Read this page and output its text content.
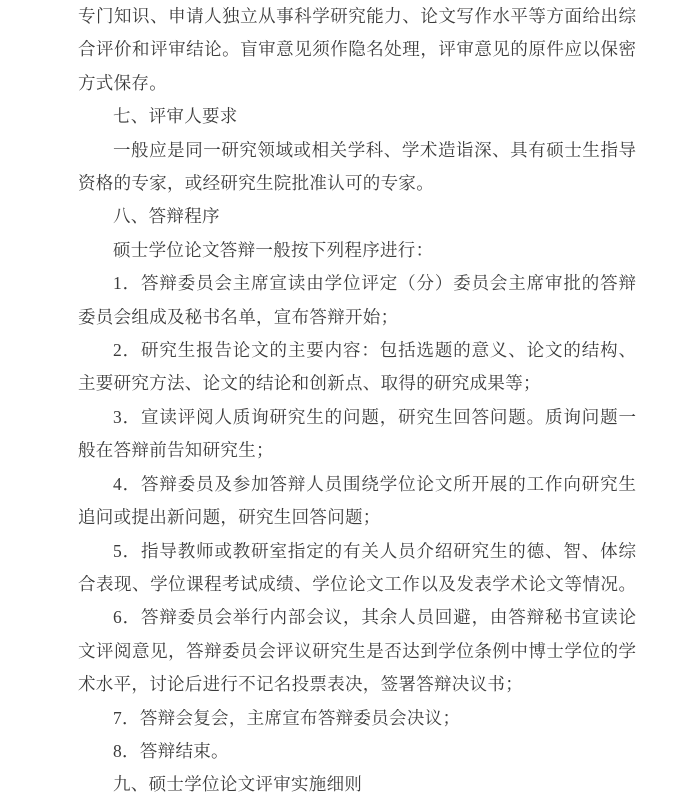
专门知识、申请人独立从事科学研究能力、论文写作水平等方面给出综
合评价和评审结论。盲审意见须作隐名处理，评审意见的原件应以保密
方式保存。
七、评审人要求
一般应是同一研究领域或相关学科、学术造诣深、具有硕士生指导
资格的专家，或经研究生院批准认可的专家。
八、答辩程序
硕士学位论文答辩一般按下列程序进行：
1．答辩委员会主席宣读由学位评定（分）委员会主席审批的答辩
委员会组成及秘书名单，宣布答辩开始；
2．研究生报告论文的主要内容：包括选题的意义、论文的结构、
主要研究方法、论文的结论和创新点、取得的研究成果等；
3．宣读评阅人质询研究生的问题，研究生回答问题。质询问题一
般在答辩前告知研究生；
4．答辩委员及参加答辩人员围绕学位论文所开展的工作向研究生
追问或提出新问题，研究生回答问题；
5．指导教师或教研室指定的有关人员介绍研究生的德、智、体综
合表现、学位课程考试成绩、学位论文工作以及发表学术论文等情况。
6．答辩委员会举行内部会议，其余人员回避，由答辩秘书宣读论
文评阅意见，答辩委员会评议研究生是否达到学位条例中博士学位的学
术水平，讨论后进行不记名投票表决，签署答辩决议书；
7．答辩会复会，主席宣布答辩委员会决议；
8．答辩结束。
九、硕士学位论文评审实施细则
